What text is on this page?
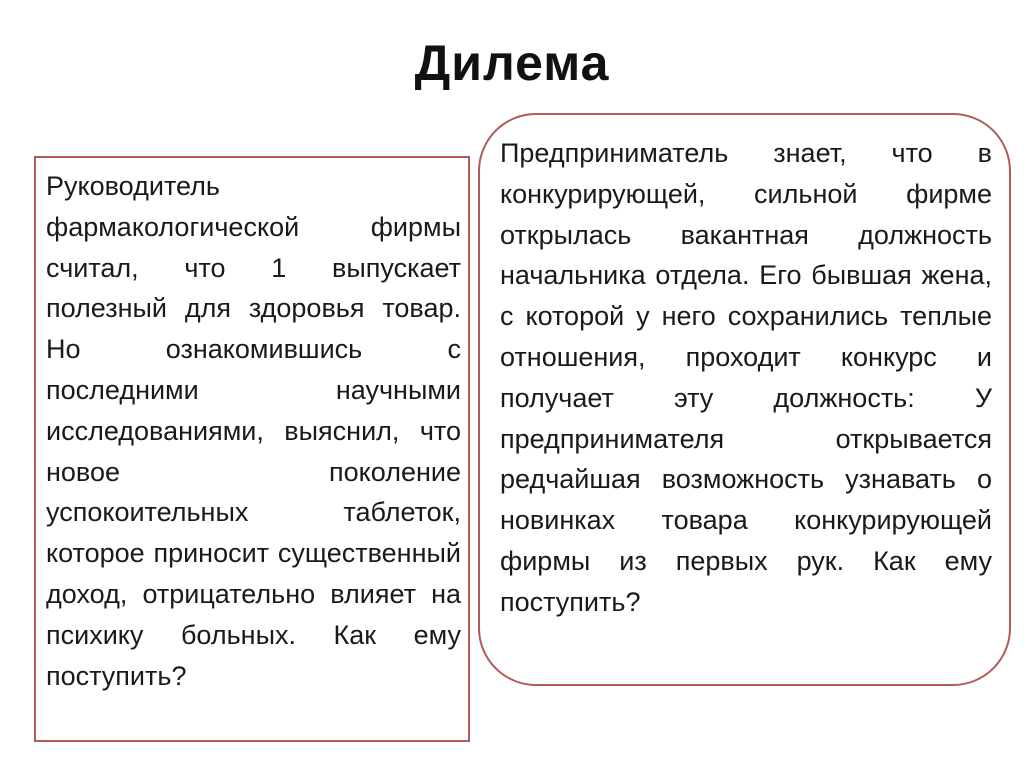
Дилема
Руководитель фармакологической фирмы считал, что 1 выпускает полезный для здоровья товар. Но ознакомившись с последними научными исследованиями, выяснил, что новое поколение успокоительных таблеток, которое приносит существенный доход, отрицательно влияет на психику больных. Как ему поступить?
Предприниматель знает, что в конкурирующей, сильной фирме открылась вакантная должность начальника отдела. Его бывшая жена, с которой у него сохранились теплые отношения, проходит конкурс и получает эту должность: У предпринимателя открывается редчайшая возможность узнавать о новинках товара конкурирующей фирмы из первых рук. Как ему поступить?
